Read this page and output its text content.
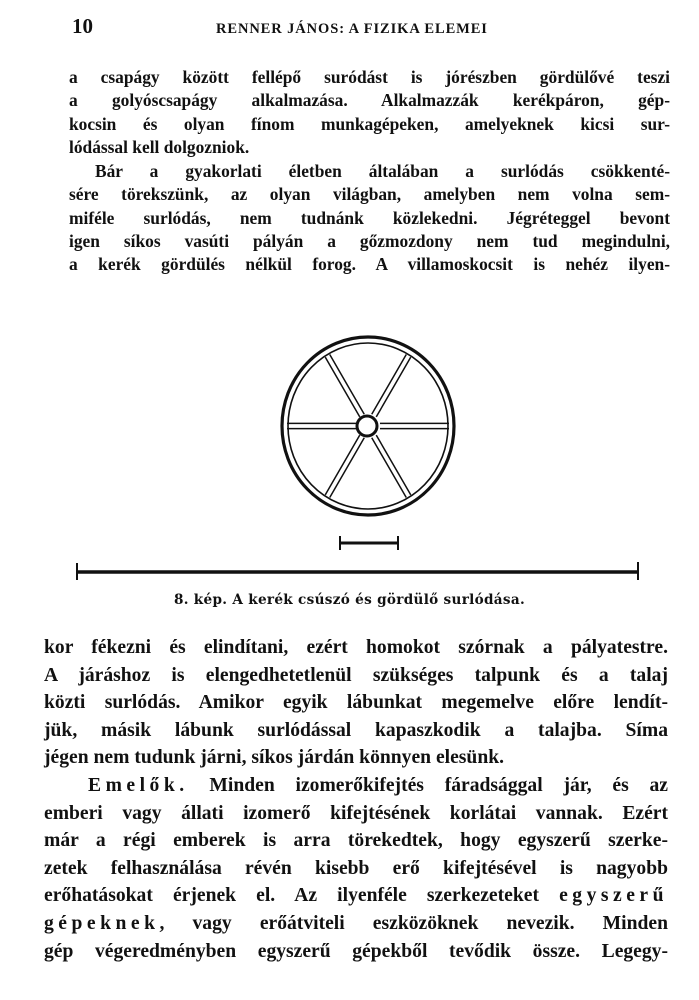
10	RENNER JÁNOS: A FIZIKA ELEMEI

a csapágy között fellépő suródást is jórészben gördülővé teszi
a golyóscsapágy alkalmazása. Alkalmazzák kerékpáron, gép-
kocsin és olyan fínom munkagépeken, amelyeknek kicsi sur-
lódással kell dolgozniok.

Bár a gyakorlati életben általában a surlódás csökkenté-
sére törekszünk, az olyan világban, amelyben nem volna sem-
miféle surlódás, nem tudnánk közlekedni. Jégréteggel bevont
igen síkos vasúti pályán a gőzmozdony nem tud megindulni,
a kerék gördülés nélkül forog. A villamoskocsit is nehéz ilyen-

8. kép. A kerék csúszó és gördülő surlódása.

kor fékezni és elindítani, ezért homokot szórnak a pályatestre.
A járáshoz is elengedhetetlenül szükséges talpunk és a talaj
közti surlódás. Amikor egyik lábunkat megemelve előre lendít-
jük, másik lábunk surlódással kapaszkodik a talajba. Síma
jégen nem tudunk járni, síkos járdán könnyen elesünk.

Emelők. Minden izomerőkifejtés fáradsággal jár, és az
emberi vagy állati izomerő kifejtésének korlátai vannak. Ezért
már a régi emberek is arra törekedtek, hogy egyszerű szerke-
zetek felhasználása révén kisebb erő kifejtésével is nagyobb
erőhatásokat érjenek el. Az ilyenféle szerkezeteket egyszerű
gépeknek, vagy erőátviteli eszközöknek nevezik. Minden
gép végeredményben egyszerű gépekből tevődik össze. Legegy-
